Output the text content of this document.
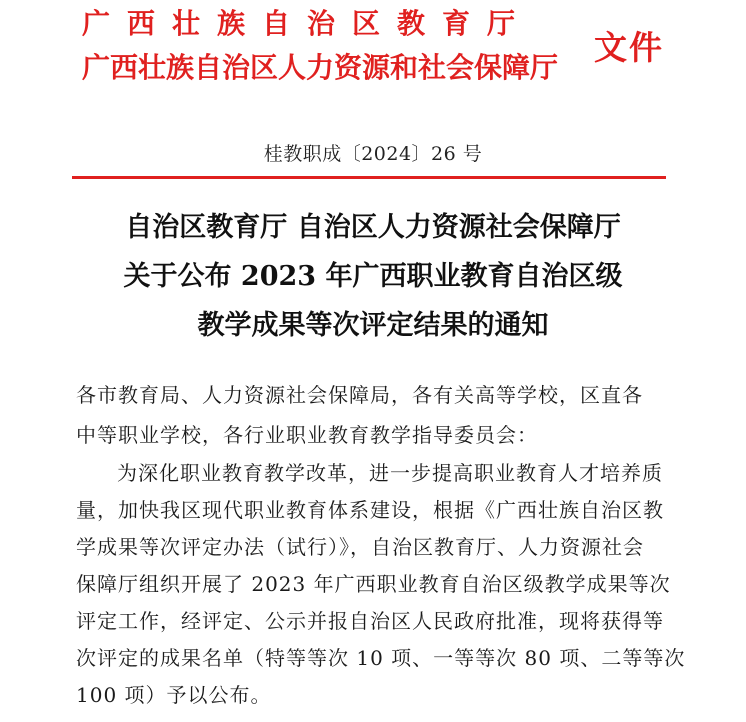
广西壮族自治区教育厅
广西壮族自治区人力资源和社会保障厅
文件
桂教职成〔2024〕26 号
自治区教育厅 自治区人力资源社会保障厅
关于公布 2023 年广西职业教育自治区级
教学成果等次评定结果的通知
各市教育局、人力资源社会保障局，各有关高等学校，区直各
中等职业学校，各行业职业教育教学指导委员会：
为深化职业教育教学改革，进一步提高职业教育人才培养质
量，加快我区现代职业教育体系建设，根据《广西壮族自治区教
学成果等次评定办法（试行）》，自治区教育厅、人力资源社会
保障厅组织开展了 2023 年广西职业教育自治区级教学成果等次
评定工作，经评定、公示并报自治区人民政府批准，现将获得等
次评定的成果名单（特等等次 10 项、一等等次 80 项、二等等次
100 项）予以公布。
